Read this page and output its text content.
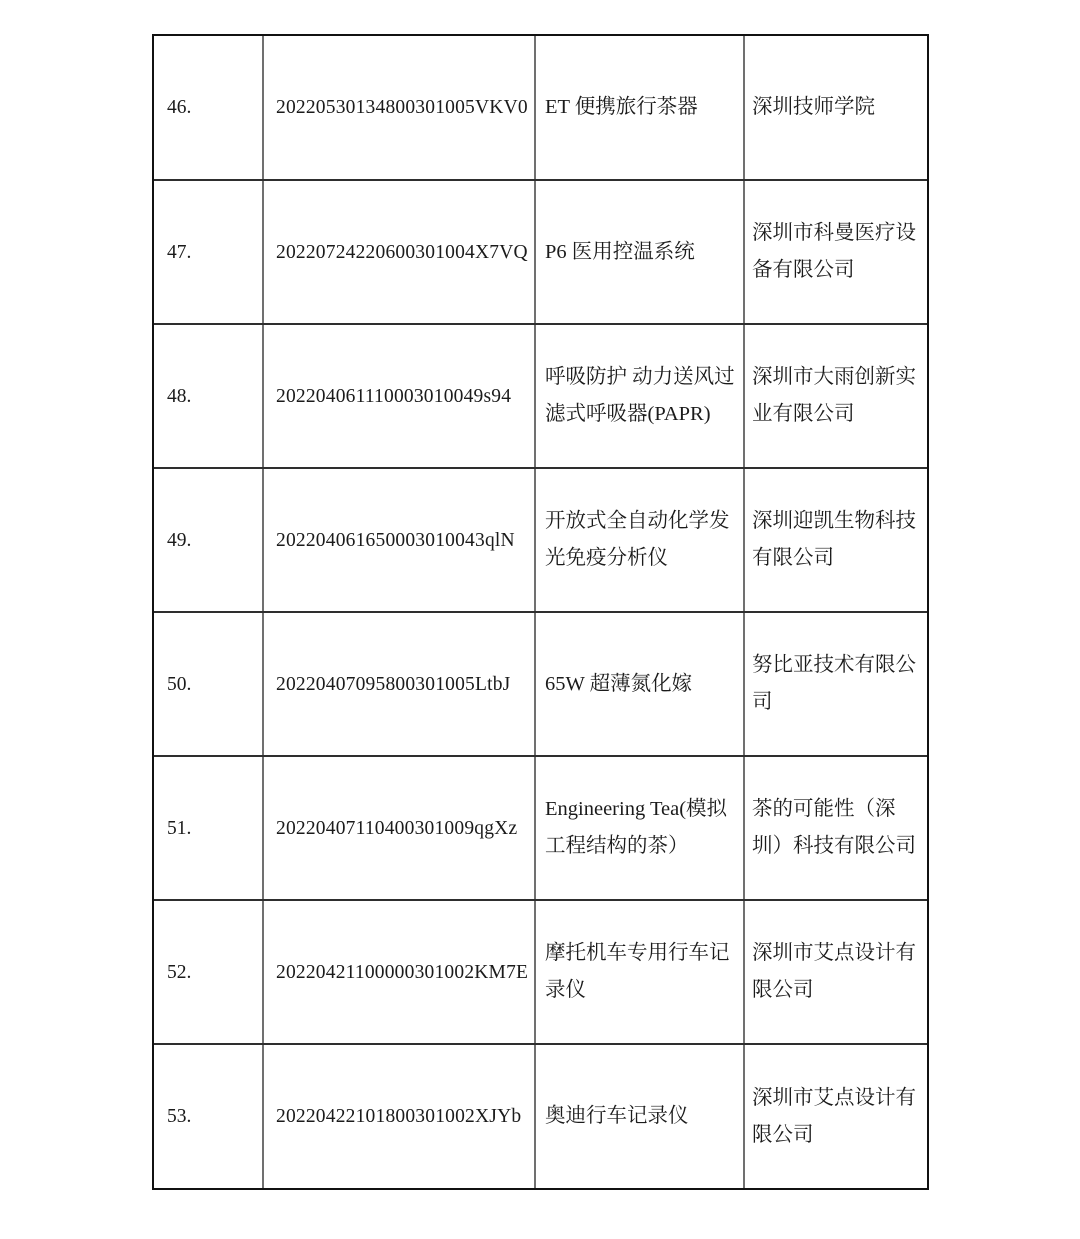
46.	20220530134800301005VKV0	ET 便携旅行茶器	深圳技师学院
47.	20220724220600301004X7VQ	P6 医用控温系统	深圳市科曼医疗设备有限公司
48.	202204061110003010049s94	呼吸防护 动力送风过滤式呼吸器(PAPR)	深圳市大雨创新实业有限公司
49.	202204061650003010043qlN	开放式全自动化学发光免疫分析仪	深圳迎凯生物科技有限公司
50.	20220407095800301005LtbJ	65W 超薄氮化嫁	努比亚技术有限公司
51.	20220407110400301009qgXz	Engineering Tea(模拟工程结构的茶）	茶的可能性（深圳）科技有限公司
52.	20220421100000301002KM7E	摩托机车专用行车记录仪	深圳市艾点设计有限公司
53.	20220422101800301002XJYb	奥迪行车记录仪	深圳市艾点设计有限公司
